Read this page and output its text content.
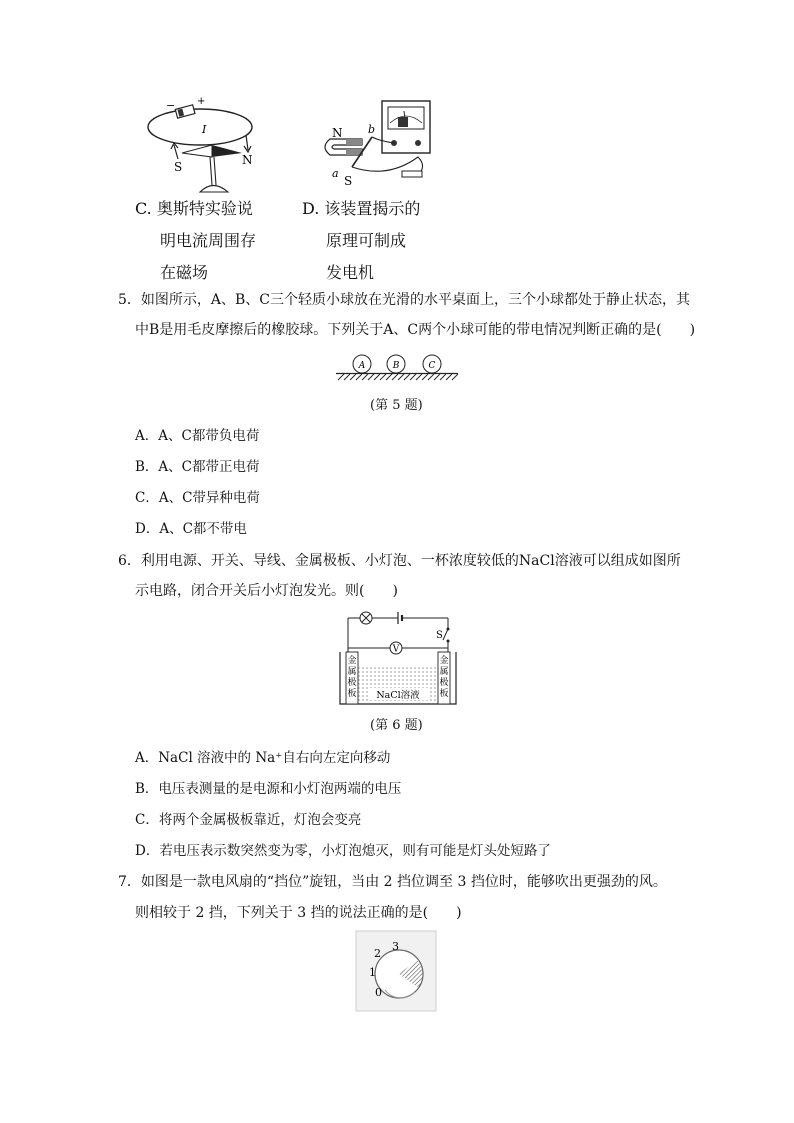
− +
I
S	N
N
S
a
b
C. 奥斯特实验说
明电流周围存
在磁场
D. 该装置揭示的
原理可制成
发电机
5．如图所示，A、B、C三个轻质小球放在光滑的水平桌面上，三个小球都处于静止状态，其
中B是用毛皮摩擦后的橡胶球。下列关于A、C两个小球可能的带电情况判断正确的是(　　)
A	B	C
(第 5 题)
A．A、C都带负电荷
B．A、C都带正电荷
C．A、C带异种电荷
D．A、C都不带电
6．利用电源、开关、导线、金属极板、小灯泡、一杯浓度较低的NaCl溶液可以组成如图所
示电路，闭合开关后小灯泡发光。则(　　)
S
V
金
属
极
板
金
属
极
板
NaCl溶液
(第 6 题)
A．NaCl 溶液中的 Na⁺自右向左定向移动
B．电压表测量的是电源和小灯泡两端的电压
C．将两个金属极板靠近，灯泡会变亮
D．若电压表示数突然变为零，小灯泡熄灭，则有可能是灯头处短路了
7．如图是一款电风扇的“挡位”旋钮，当由 2 挡位调至 3 挡位时，能够吹出更强劲的风。
则相较于 2 挡，下列关于 3 挡的说法正确的是(　　)
2
3
1
0
